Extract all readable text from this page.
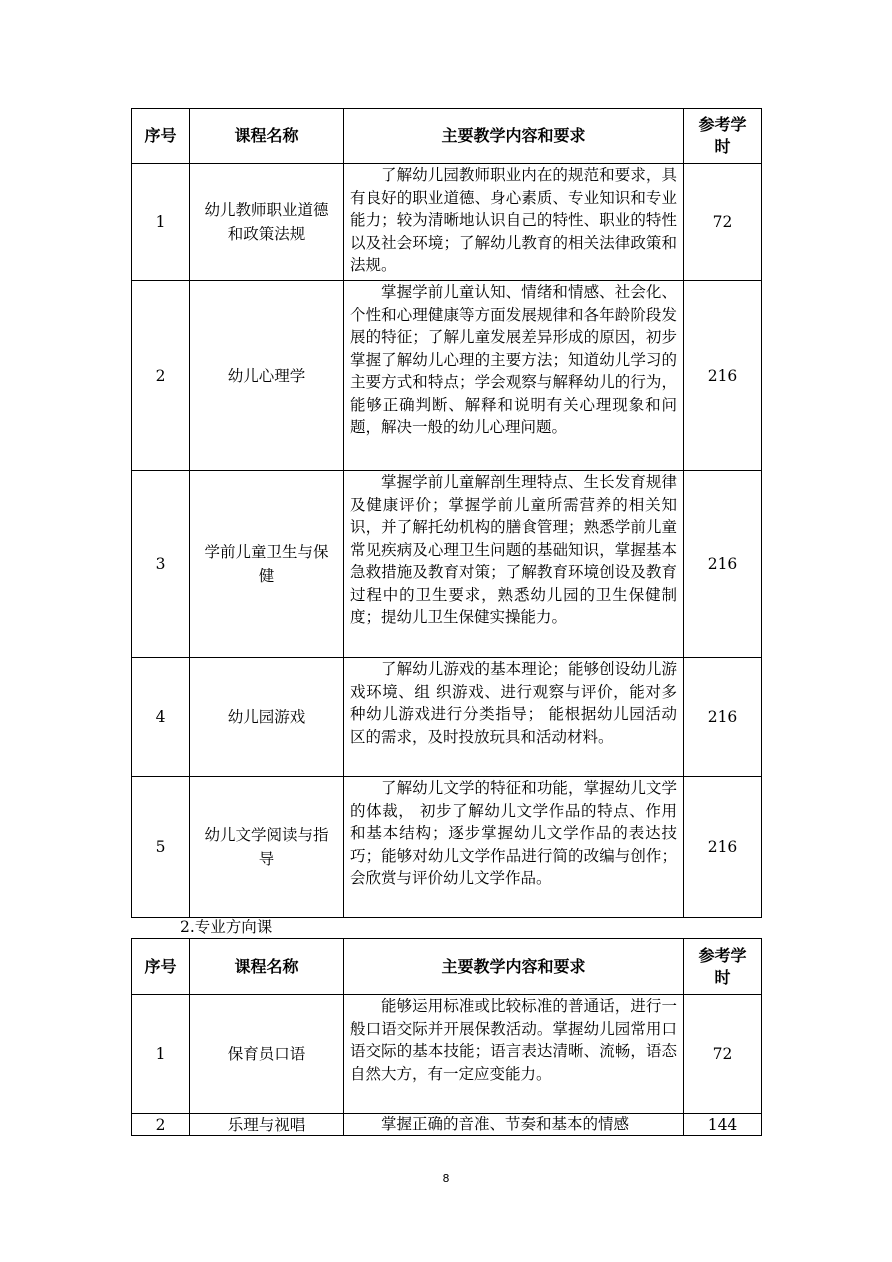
序号	课程名称	主要教学内容和要求	参考学时
1	幼儿教师职业道德和政策法规	了解幼儿园教师职业内在的规范和要求，具有良好的职业道德、身心素质、专业知识和专业能力；较为清晰地认识自己的特性、职业的特性以及社会环境；了解幼儿教育的相关法律政策和法规。	72
2	幼儿心理学	掌握学前儿童认知、情绪和情感、社会化、个性和心理健康等方面发展规律和各年龄阶段发展的特征；了解儿童发展差异形成的原因，初步掌握了解幼儿心理的主要方法；知道幼儿学习的主要方式和特点；学会观察与解释幼儿的行为，能够正确判断、解释和说明有关心理现象和问题，解决一般的幼儿心理问题。	216
3	学前儿童卫生与保健	掌握学前儿童解剖生理特点、生长发育规律及健康评价；掌握学前儿童所需营养的相关知识，并了解托幼机构的膳食管理；熟悉学前儿童常见疾病及心理卫生问题的基础知识，掌握基本急救措施及教育对策；了解教育环境创设及教育过程中的卫生要求，熟悉幼儿园的卫生保健制度；提幼儿卫生保健实操能力。	216
4	幼儿园游戏	了解幼儿游戏的基本理论；能够创设幼儿游戏环境、组 织游戏、进行观察与评价，能对多种幼儿游戏进行分类指导； 能根据幼儿园活动区的需求，及时投放玩具和活动材料。	216
5	幼儿文学阅读与指导	了解幼儿文学的特征和功能，掌握幼儿文学的体裁， 初步了解幼儿文学作品的特点、作用和基本结构；逐步掌握幼儿文学作品的表达技巧；能够对幼儿文学作品进行简的改编与创作；会欣赏与评价幼儿文学作品。	216
2.专业方向课
序号	课程名称	主要教学内容和要求	参考学时
1	保育员口语	能够运用标准或比较标准的普通话，进行一般口语交际并开展保教活动。掌握幼儿园常用口语交际的基本技能；语言表达清晰、流畅，语态自然大方，有一定应变能力。	72
2	乐理与视唱	掌握正确的音准、节奏和基本的情感	144
8
